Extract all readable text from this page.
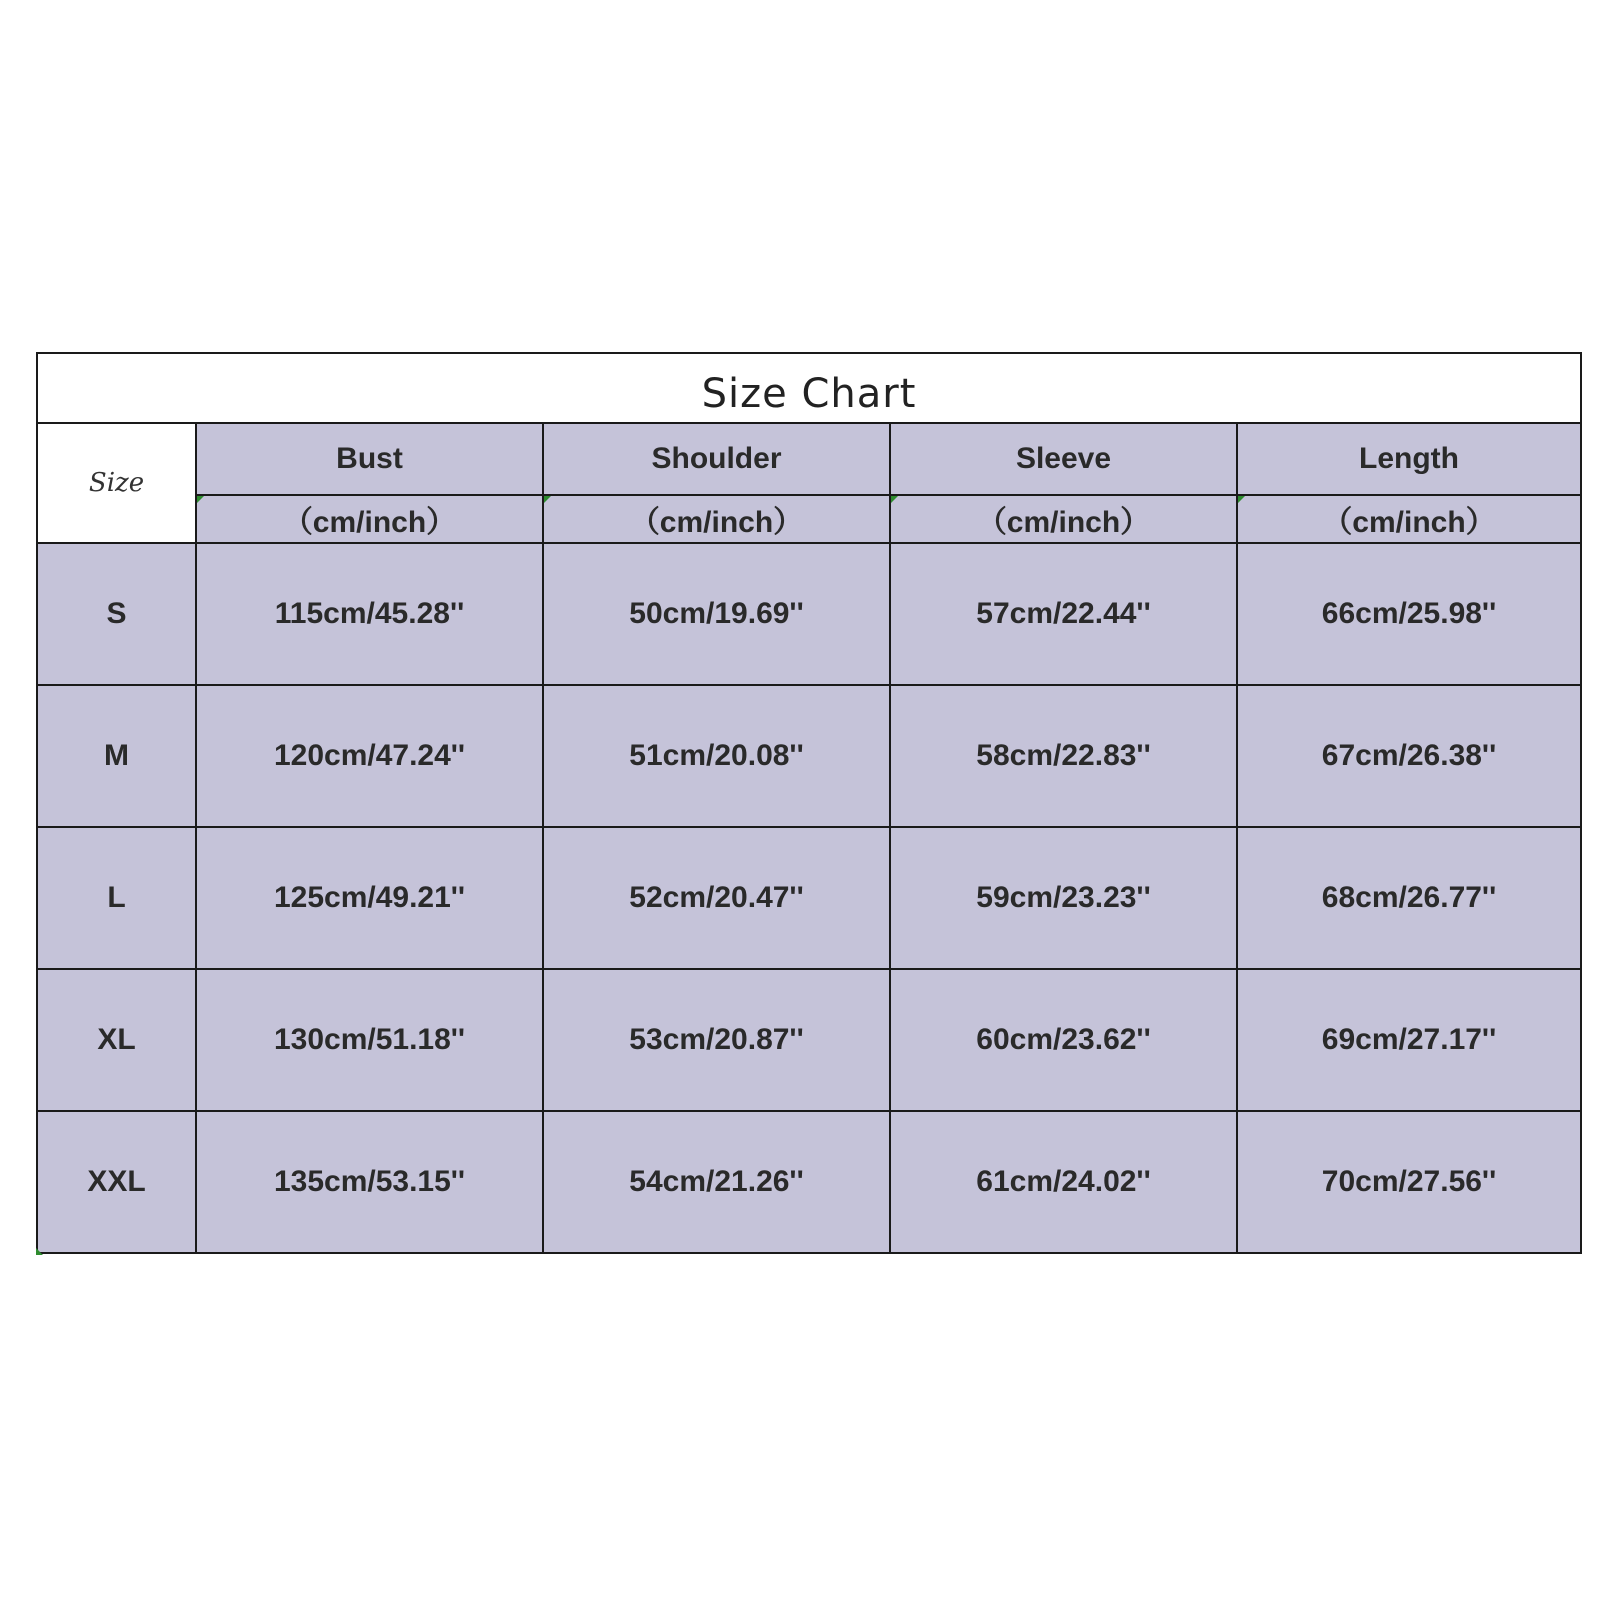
Size Chart
Size	Bust	Shoulder	Sleeve	Length

（cm/inch）	（cm/inch）	（cm/inch）	（cm/inch）
S	115cm/45.28''	50cm/19.69''	57cm/22.44''	66cm/25.98''
M	120cm/47.24''	51cm/20.08''	58cm/22.83''	67cm/26.38''
L	125cm/49.21''	52cm/20.47''	59cm/23.23''	68cm/26.77''
XL	130cm/51.18''	53cm/20.87''	60cm/23.62''	69cm/27.17''
XXL	135cm/53.15''	54cm/21.26''	61cm/24.02''	70cm/27.56''
